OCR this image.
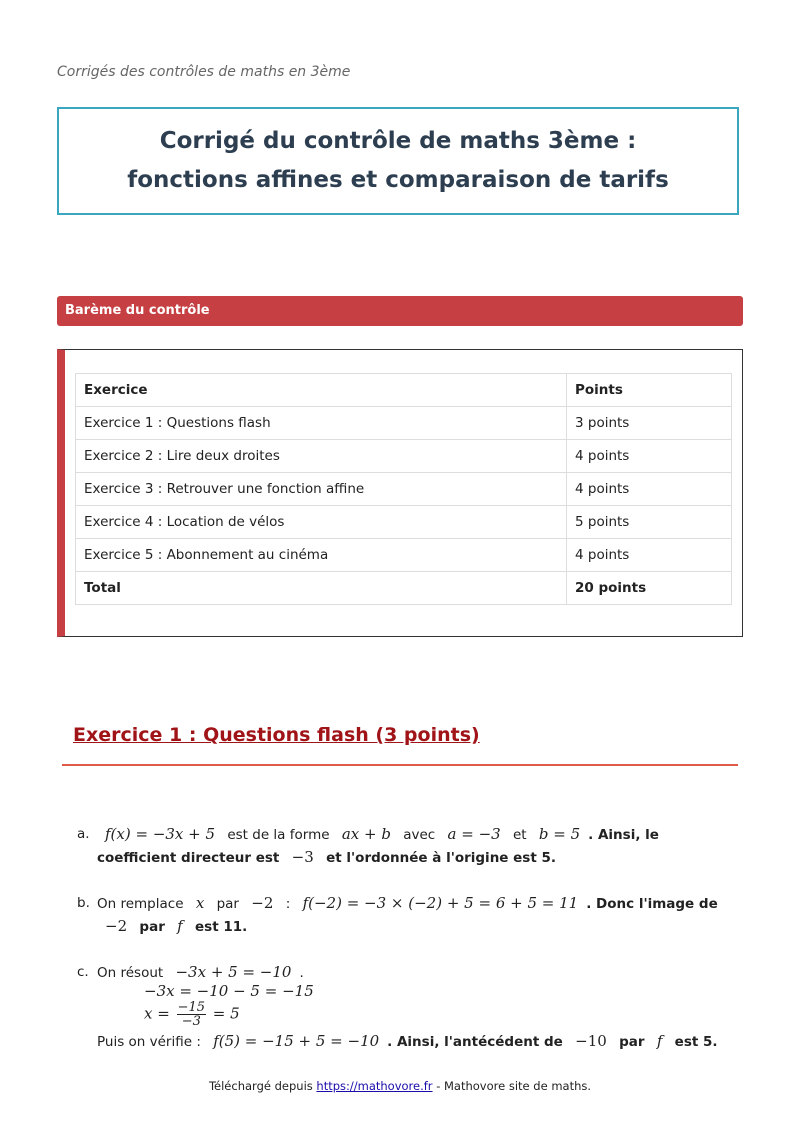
Corrigés des contrôles de maths en 3ème
Corrigé du contrôle de maths 3ème : fonctions affines et comparaison de tarifs
Barème du contrôle
Exercice	Points
Exercice 1 : Questions flash	3 points
Exercice 2 : Lire deux droites	4 points
Exercice 3 : Retrouver une fonction affine	4 points
Exercice 4 : Location de vélos	5 points
Exercice 5 : Abonnement au cinéma	4 points
Total	20 points
Exercice 1 : Questions flash (3 points)
a. f(x) = −3x + 5 est de la forme ax + b avec a = −3 et b = 5 . Ainsi, le coefficient directeur est −3 et l'ordonnée à l'origine est 5.
b. On remplace x par −2 : f(−2) = −3 × (−2) + 5 = 6 + 5 = 11 . Donc l'image de −2 par f est 11.
c. On résout −3x + 5 = −10 .
−3x = −10 − 5 = −15
$x = \frac{-15}{-3} = 5$
Puis on vérifie : f(5) = −15 + 5 = −10 . Ainsi, l'antécédent de −10 par f est 5.
Téléchargé depuis https://mathovore.fr - Mathovore site de maths.
